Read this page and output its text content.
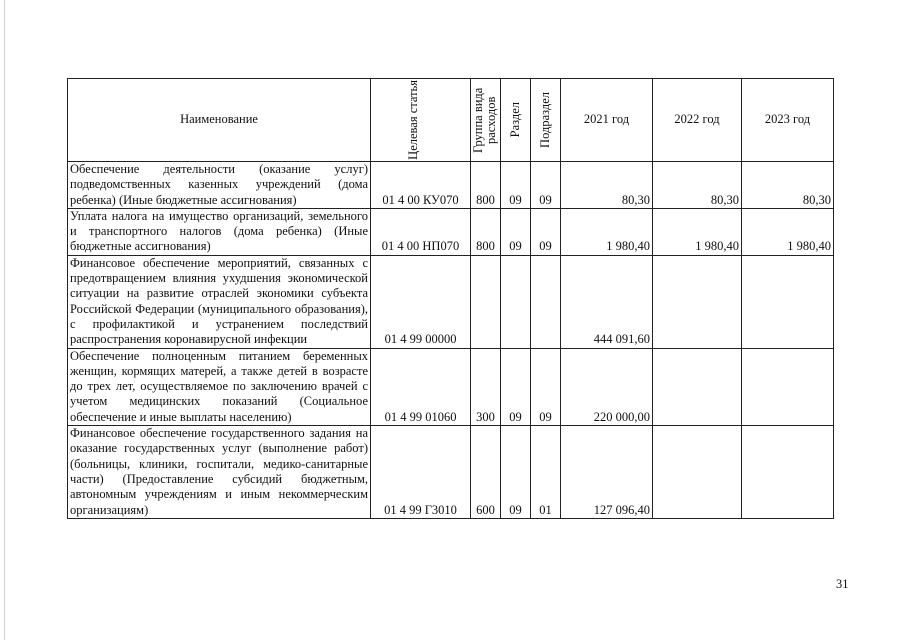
Наименование	Целевая статья	Группа вида расходов	Раздел	Подраздел	2021 год	2022 год	2023 год
Обеспечение деятельности (оказание услуг) подведомственных казенных учреждений (дома ребенка) (Иные бюджетные ассигнования)	01 4 00 КУ070	800	09	09	80,30	80,30	80,30
Уплата налога на имущество организаций, земельного и транспортного налогов (дома ребенка) (Иные бюджетные ассигнования)	01 4 00 НП070	800	09	09	1 980,40	1 980,40	1 980,40
Финансовое обеспечение мероприятий, связанных с предотвращением влияния ухудшения экономической ситуации на развитие отраслей экономики субъекта Российской Федерации (муниципального образования), с профилактикой и устранением последствий распространения коронавирусной инфекции	01 4 99 00000				444 091,60		
Обеспечение полноценным питанием беременных женщин, кормящих матерей, а также детей в возрасте до трех лет, осуществляемое по заключению врачей с учетом медицинских показаний (Социальное обеспечение и иные выплаты населению)	01 4 99 01060	300	09	09	220 000,00		
Финансовое обеспечение государственного задания на оказание государственных услуг (выполнение работ) (больницы, клиники, госпитали, медико-санитарные части) (Предоставление субсидий бюджетным, автономным учреждениям и иным некоммерческим организациям)	01 4 99 Г3010	600	09	01	127 096,40		
31
